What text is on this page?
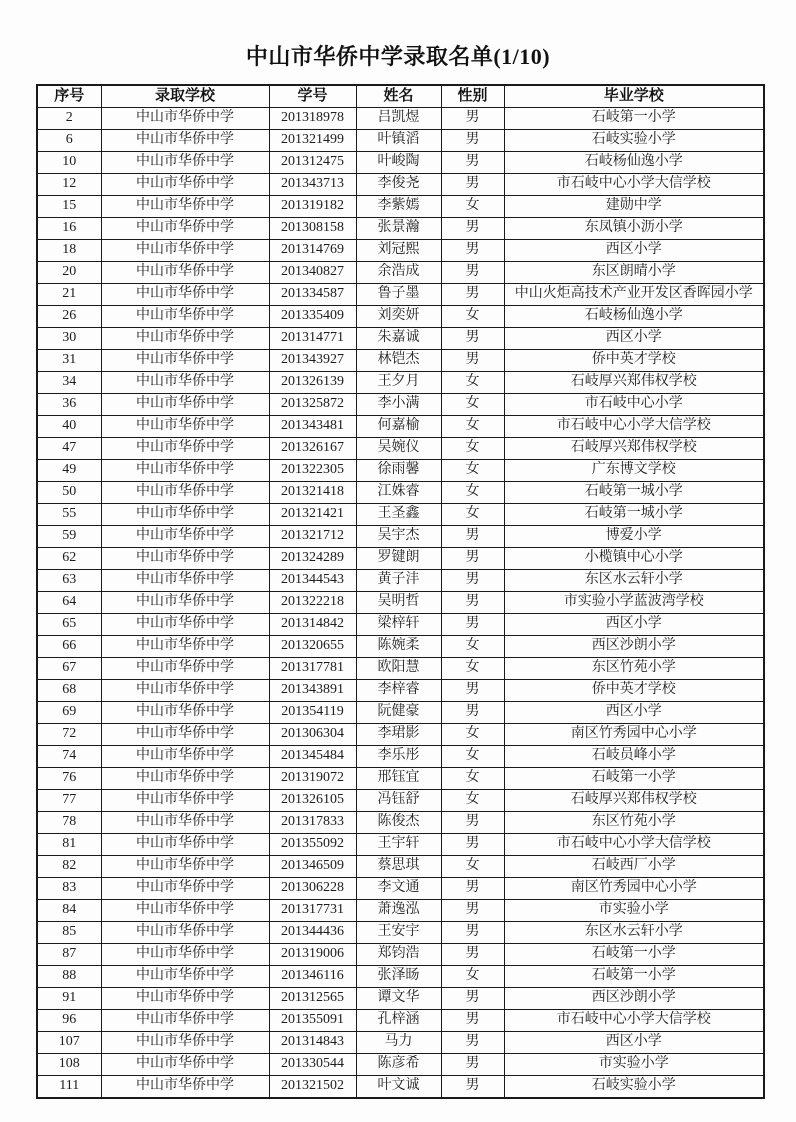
中山市华侨中学录取名单(1/10)
序号	录取学校	学号	姓名	性别	毕业学校
2	中山市华侨中学	201318978	吕凯煜	男	石岐第一小学
6	中山市华侨中学	201321499	叶镇滔	男	石岐实验小学
10	中山市华侨中学	201312475	叶峻陶	男	石岐杨仙逸小学
12	中山市华侨中学	201343713	李俊尧	男	市石岐中心小学大信学校
15	中山市华侨中学	201319182	李紫嫣	女	建勋中学
16	中山市华侨中学	201308158	张景瀚	男	东凤镇小沥小学
18	中山市华侨中学	201314769	刘冠熙	男	西区小学
20	中山市华侨中学	201340827	余浩成	男	东区朗晴小学
21	中山市华侨中学	201334587	鲁子墨	男	中山火炬高技术产业开发区香晖园小学
26	中山市华侨中学	201335409	刘奕妍	女	石岐杨仙逸小学
30	中山市华侨中学	201314771	朱嘉诚	男	西区小学
31	中山市华侨中学	201343927	林铠杰	男	侨中英才学校
34	中山市华侨中学	201326139	王夕月	女	石岐厚兴郑伟权学校
36	中山市华侨中学	201325872	李小满	女	市石岐中心小学
40	中山市华侨中学	201343481	何嘉榆	女	市石岐中心小学大信学校
47	中山市华侨中学	201326167	吴婉仪	女	石岐厚兴郑伟权学校
49	中山市华侨中学	201322305	徐雨馨	女	广东博文学校
50	中山市华侨中学	201321418	江姝睿	女	石岐第一城小学
55	中山市华侨中学	201321421	王圣鑫	女	石岐第一城小学
59	中山市华侨中学	201321712	吴宇杰	男	博爱小学
62	中山市华侨中学	201324289	罗键朗	男	小榄镇中心小学
63	中山市华侨中学	201344543	黄子沣	男	东区水云轩小学
64	中山市华侨中学	201322218	吴明哲	男	市实验小学蓝波湾学校
65	中山市华侨中学	201314842	梁梓轩	男	西区小学
66	中山市华侨中学	201320655	陈婉柔	女	西区沙朗小学
67	中山市华侨中学	201317781	欧阳慧	女	东区竹苑小学
68	中山市华侨中学	201343891	李梓睿	男	侨中英才学校
69	中山市华侨中学	201354119	阮健豪	男	西区小学
72	中山市华侨中学	201306304	李珺影	女	南区竹秀园中心小学
74	中山市华侨中学	201345484	李乐彤	女	石岐员峰小学
76	中山市华侨中学	201319072	邢钰宜	女	石岐第一小学
77	中山市华侨中学	201326105	冯钰舒	女	石岐厚兴郑伟权学校
78	中山市华侨中学	201317833	陈俊杰	男	东区竹苑小学
81	中山市华侨中学	201355092	王宇轩	男	市石岐中心小学大信学校
82	中山市华侨中学	201346509	蔡思琪	女	石岐西厂小学
83	中山市华侨中学	201306228	李文通	男	南区竹秀园中心小学
84	中山市华侨中学	201317731	萧逸泓	男	市实验小学
85	中山市华侨中学	201344436	王安宇	男	东区水云轩小学
87	中山市华侨中学	201319006	郑钧浩	男	石岐第一小学
88	中山市华侨中学	201346116	张泽旸	女	石岐第一小学
91	中山市华侨中学	201312565	谭文华	男	西区沙朗小学
96	中山市华侨中学	201355091	孔梓涵	男	市石岐中心小学大信学校
107	中山市华侨中学	201314843	马力	男	西区小学
108	中山市华侨中学	201330544	陈彦希	男	市实验小学
111	中山市华侨中学	201321502	叶文诚	男	石岐实验小学
